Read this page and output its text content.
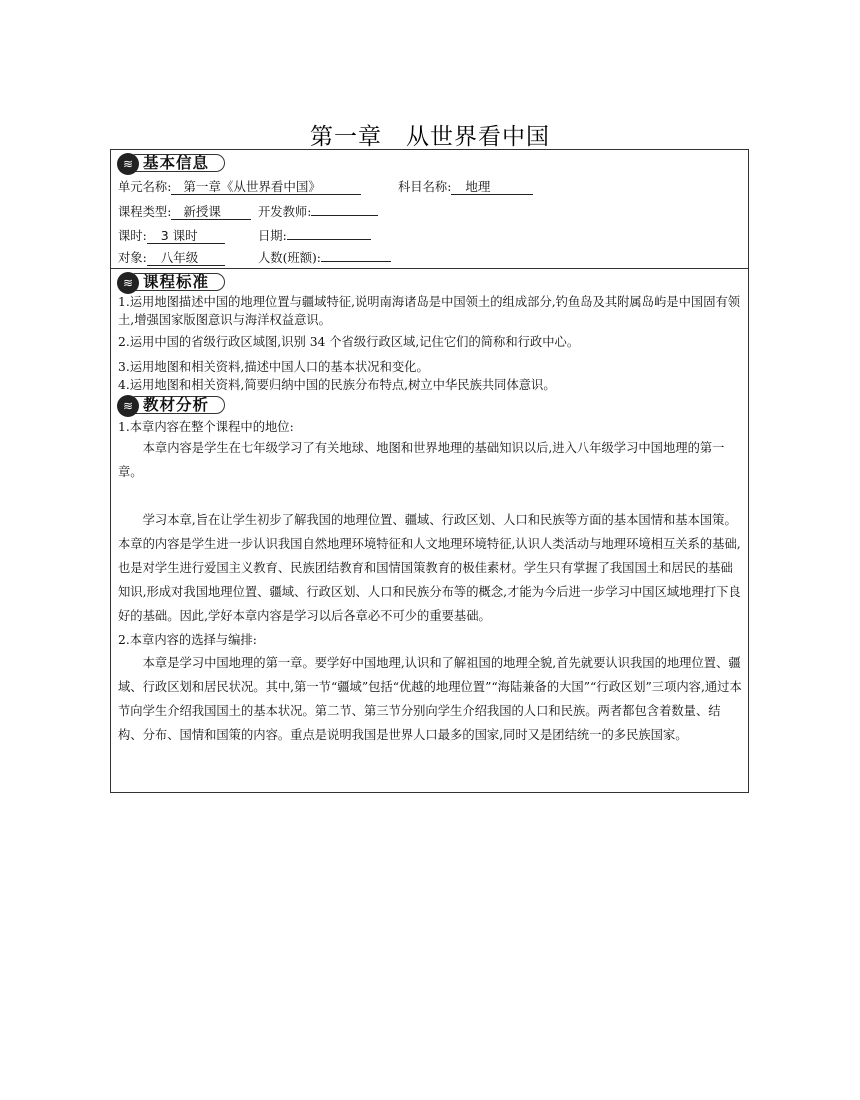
第一章　从世界看中国
≋ 基本信息
单元名称: 第一章《从世界看中国》	科目名称: 地理
课程类型: 新授课	开发教师:
课时: 3 课时	日期:
对象: 八年级	人数(班额):
≋ 课程标准

1.运用地图描述中国的地理位置与疆域特征,说明南海诸岛是中国领土的组成部分,钓鱼岛及其附属岛屿是中国固有领土,增强国家版图意识与海洋权益意识。

2.运用中国的省级行政区域图,识别 34 个省级行政区域,记住它们的简称和行政中心。

3.运用地图和相关资料,描述中国人口的基本状况和变化。

4.运用地图和相关资料,简要归纳中国的民族分布特点,树立中华民族共同体意识。

≋ 教材分析

1.本章内容在整个课程中的地位:

本章内容是学生在七年级学习了有关地球、地图和世界地理的基础知识以后,进入八年级学习中国地理的第一章。

学习本章,旨在让学生初步了解我国的地理位置、疆域、行政区划、人口和民族等方面的基本国情和基本国策。本章的内容是学生进一步认识我国自然地理环境特征和人文地理环境特征,认识人类活动与地理环境相互关系的基础,也是对学生进行爱国主义教育、民族团结教育和国情国策教育的极佳素材。学生只有掌握了我国国土和居民的基础知识,形成对我国地理位置、疆域、行政区划、人口和民族分布等的概念,才能为今后进一步学习中国区域地理打下良好的基础。因此,学好本章内容是学习以后各章必不可少的重要基础。

2.本章内容的选择与编排:

本章是学习中国地理的第一章。要学好中国地理,认识和了解祖国的地理全貌,首先就要认识我国的地理位置、疆域、行政区划和居民状况。其中,第一节“疆域”包括“优越的地理位置”“海陆兼备的大国”“行政区划”三项内容,通过本节向学生介绍我国国土的基本状况。第二节、第三节分别向学生介绍我国的人口和民族。两者都包含着数量、结构、分布、国情和国策的内容。重点是说明我国是世界人口最多的国家,同时又是团结统一的多民族国家。
